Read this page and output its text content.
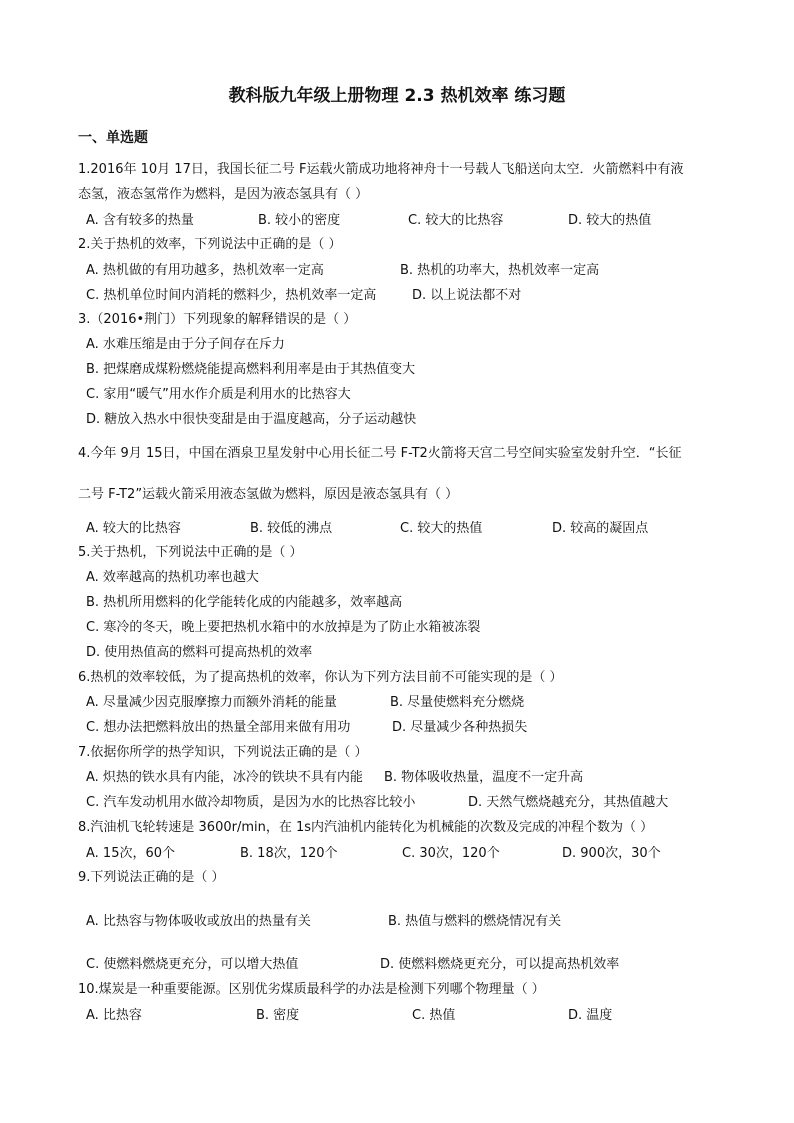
教科版九年级上册物理 2.3 热机效率 练习题
一、单选题
1.2016年 10月 17日，我国长征二号 F运载火箭成功地将神舟十一号载人飞船送向太空．火箭燃料中有液
态氢，液态氢常作为燃料，是因为液态氢具有（ ）
A. 含有较多的热量	B. 较小的密度	C. 较大的比热容	D. 较大的热值
2.关于热机的效率，下列说法中正确的是（ ）
A. 热机做的有用功越多，热机效率一定高	B. 热机的功率大，热机效率一定高
C. 热机单位时间内消耗的燃料少，热机效率一定高	D. 以上说法都不对
3.（2016•荆门）下列现象的解释错误的是（ ）
A. 水难压缩是由于分子间存在斥力
B. 把煤磨成煤粉燃烧能提高燃料利用率是由于其热值变大
C. 家用“暖气”用水作介质是利用水的比热容大
D. 糖放入热水中很快变甜是由于温度越高，分子运动越快
4.今年 9月 15日，中国在酒泉卫星发射中心用长征二号 F-T2火箭将天宫二号空间实验室发射升空．“长征
二号 F-T2”运载火箭采用液态氢做为燃料，原因是液态氢具有（ ）
A. 较大的比热容	B. 较低的沸点	C. 较大的热值	D. 较高的凝固点
5.关于热机，下列说法中正确的是（ ）
A. 效率越高的热机功率也越大
B. 热机所用燃料的化学能转化成的内能越多，效率越高
C. 寒冷的冬天，晚上要把热机水箱中的水放掉是为了防止水箱被冻裂
D. 使用热值高的燃料可提高热机的效率
6.热机的效率较低，为了提高热机的效率，你认为下列方法目前不可能实现的是（ ）
A. 尽量减少因克服摩擦力而额外消耗的能量	B. 尽量使燃料充分燃烧
C. 想办法把燃料放出的热量全部用来做有用功	D. 尽量减少各种热损失
7.依据你所学的热学知识，下列说法正确的是（ ）
A. 炽热的铁水具有内能，冰冷的铁块不具有内能 B. 物体吸收热量，温度不一定升高
C. 汽车发动机用水做冷却物质，是因为水的比热容比较小	D. 天然气燃烧越充分，其热值越大
8.汽油机飞轮转速是 3600r/min，在 1s内汽油机内能转化为机械能的次数及完成的冲程个数为（ ）
A. 15次，60个	B. 18次，120个	C. 30次，120个	D. 900次，30个
9.下列说法正确的是（ ）
A. 比热容与物体吸收或放出的热量有关	B. 热值与燃料的燃烧情况有关
C. 使燃料燃烧更充分，可以增大热值	D. 使燃料燃烧更充分，可以提高热机效率
10.煤炭是一种重要能源。区别优劣煤质最科学的办法是检测下列哪个物理量（ ）
A. 比热容	B. 密度	C. 热值	D. 温度
